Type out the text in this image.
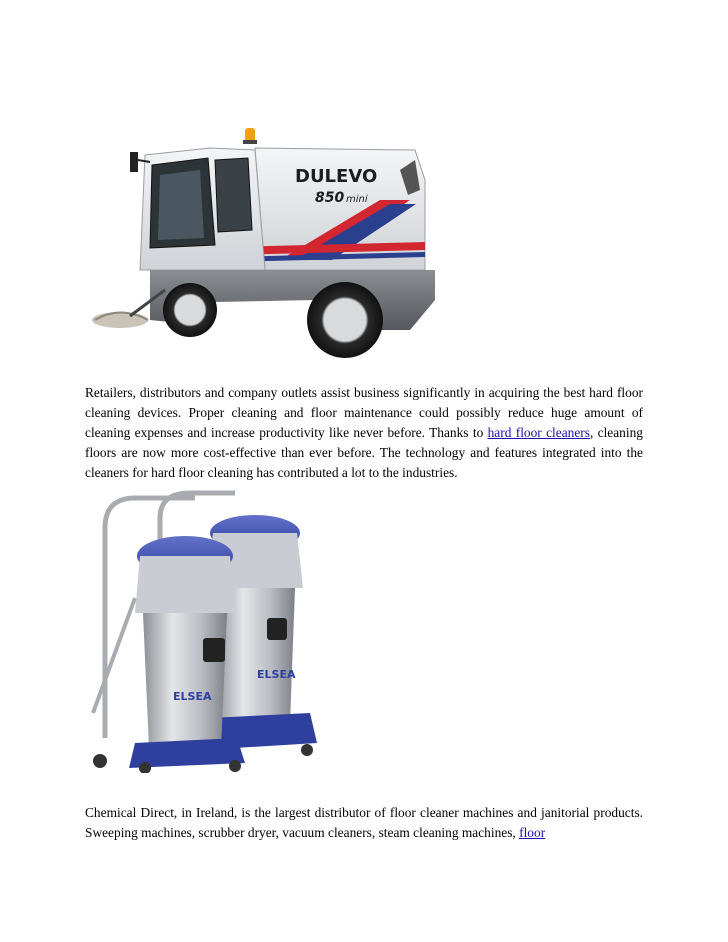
DULEVO
850 mini

Retailers, distributors and company outlets assist business significantly in acquiring the best hard floor cleaning devices. Proper cleaning and floor maintenance could possibly reduce huge amount of cleaning expenses and increase productivity like never before. Thanks to hard floor cleaners, cleaning floors are now more cost-effective than ever before. The technology and features integrated into the cleaners for hard floor cleaning has contributed a lot to the industries.

ELSEA
ELSEA

Chemical Direct, in Ireland, is the largest distributor of floor cleaner machines and janitorial products. Sweeping machines, scrubber dryer, vacuum cleaners, steam cleaning machines, floor
